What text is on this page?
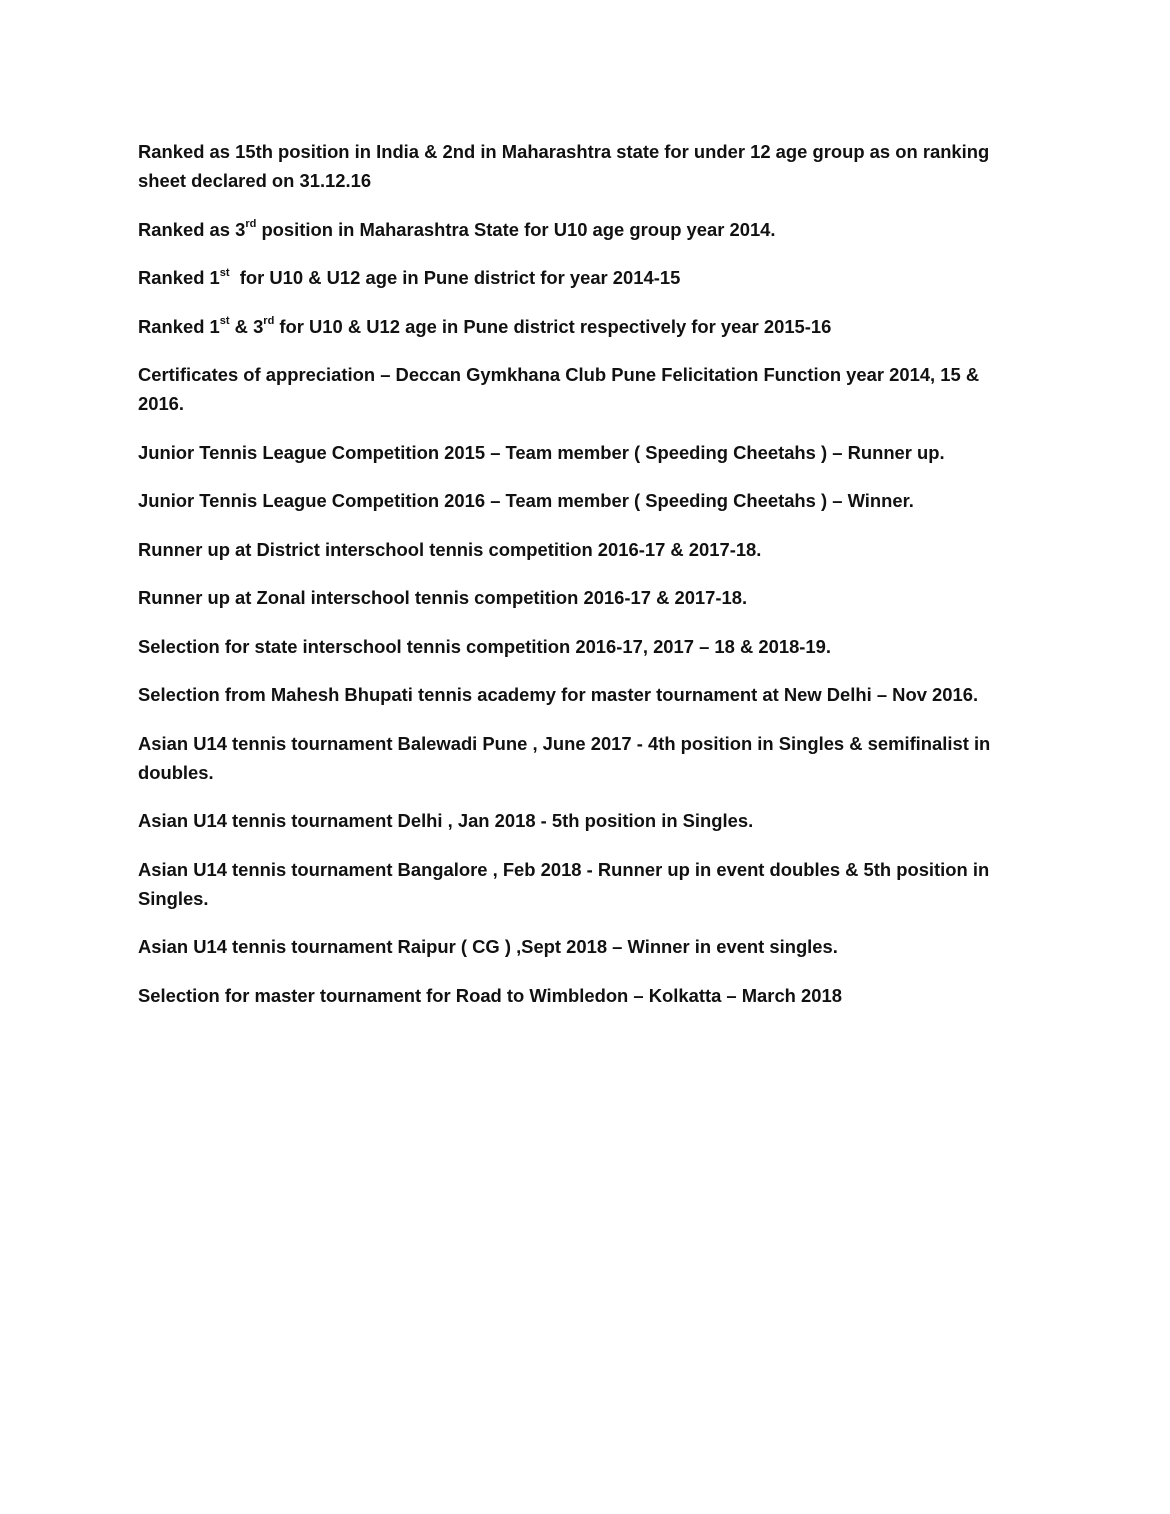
Ranked as 15th position in India & 2nd in Maharashtra state for under 12 age group as on ranking sheet declared on 31.12.16
Ranked as 3rd position in Maharashtra State for U10 age group year 2014.
Ranked 1st  for U10 & U12 age in Pune district for year 2014-15
Ranked 1st & 3rd for U10 & U12 age in Pune district respectively for year 2015-16
Certificates of appreciation – Deccan Gymkhana Club Pune Felicitation Function year 2014, 15 & 2016.
Junior Tennis League Competition 2015 – Team member ( Speeding Cheetahs ) – Runner up.
Junior Tennis League Competition 2016 – Team member ( Speeding Cheetahs ) – Winner.
Runner up at District interschool tennis competition 2016-17 & 2017-18.
Runner up at Zonal interschool tennis competition 2016-17 & 2017-18.
Selection for state interschool tennis competition 2016-17, 2017 – 18 & 2018-19.
Selection from Mahesh Bhupati tennis academy for master tournament at New Delhi – Nov 2016.
Asian U14 tennis tournament Balewadi Pune , June 2017 - 4th position in Singles & semifinalist in doubles.
Asian U14 tennis tournament Delhi , Jan 2018 - 5th position in Singles.
Asian U14 tennis tournament Bangalore , Feb 2018 - Runner up in event doubles & 5th position in Singles.
Asian U14 tennis tournament Raipur ( CG ) ,Sept 2018 – Winner in event singles.
Selection for master tournament for Road to Wimbledon – Kolkatta – March 2018
